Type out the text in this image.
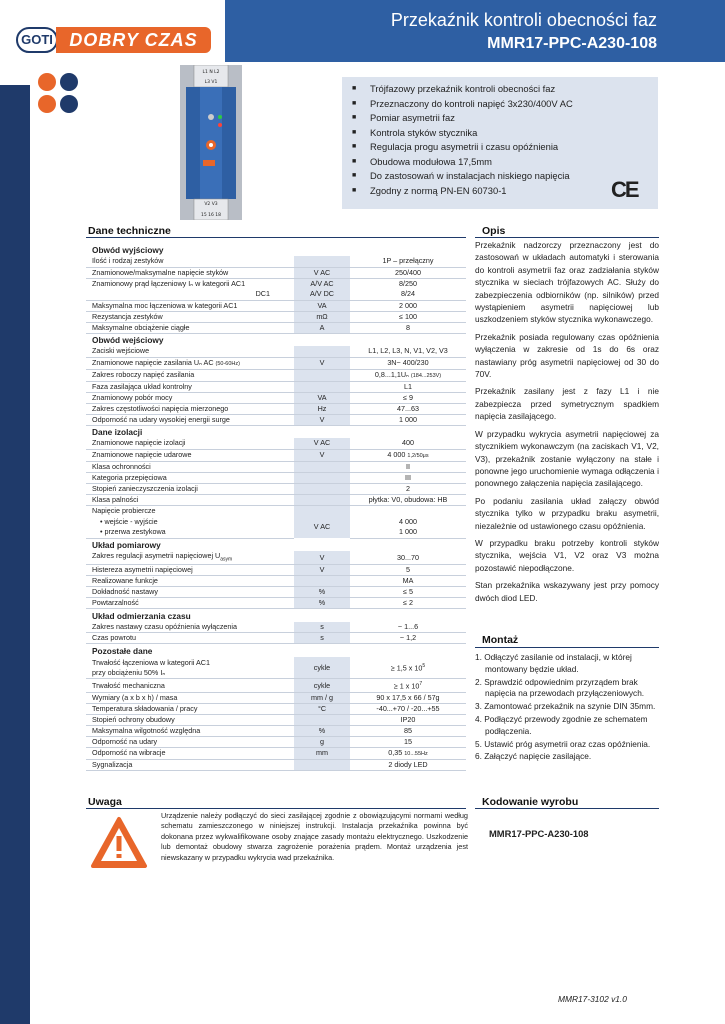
Przekaźnik kontroli obecności faz
MMR17-PPC-A230-108
GOTI DOBRY CZAS
L1 N L2
L3 V1
V2 V3
15 16 18
■ Trójfazowy przekaźnik kontroli obecności faz
■ Przeznaczony do kontroli napięć 3x230/400V AC
■ Pomiar asymetrii faz
■ Kontrola styków stycznika
■ Regulacja progu asymetrii i czasu opóźnienia
■ Obudowa modułowa 17,5mm
■ Do zastosowań w instalacjach niskiego napięcia
■ Zgodny z normą PN-EN 60730-1	CE
Dane techniczne	Opis
Obwód wyjściowy		
Ilość i rodzaj zestyków		1P – przełączny
Znamionowe/maksymalne napięcie styków	V AC	250/400
Znamionowy prąd łączeniowy Iₙ w kategorii AC1	A/V AC	8/250
DC1	A/V DC	8/24
Maksymalna moc łączeniowa w kategorii AC1	VA	2 000
Rezystancja zestyków	mΩ	≤ 100
Maksymalne obciążenie ciągłe	A	8
Obwód wejściowy		
Zaciski wejściowe		L1, L2, L3, N, V1, V2, V3
Znamionowe napięcie zasilania Uₙ AC (50-60Hz)	V	3N~ 400/230
Zakres roboczy napięć zasilania		0,8...1,1Uₙ (184...253V)
Faza zasilająca układ kontrolny		L1
Znamionowy pobór mocy	VA	≤ 9
Zakres częstotliwości napięcia mierzonego	Hz	47...63
Odporność na udary wysokiej energii surge	V	1 000
Dane izolacji		
Znamionowe napięcie izolacji	V AC	400
Znamionowe napięcie udarowe	V	4 000 1,2/50μs
Klasa ochronności		II
Kategoria przepięciowa		III
Stopień zanieczyszczenia izolacji		2
Klasa palności		płytka: V0, obudowa: HB
Napięcie probiercze		
• wejście - wyjście	V AC	4 000
• przerwa zestykowa		1 000
Układ pomiarowy		
Zakres regulacji asymetrii napięciowej $U_{asym}$	V	30...70
Histereza asymetrii napięciowej	V	5
Realizowane funkcje		MA
Dokładność nastawy	%	≤ 5
Powtarzalność	%	≤ 2
Układ odmierzania czasu		
Zakres nastawy czasu opóźnienia wyłączenia	s	~ 1...6
Czas powrotu	s	~ 1,2
Pozostałe dane		

Trwałość łączeniowa w kategorii AC1
przy obciążeniu 50% Iₙ	cykle	≥ 1,5 x $10^5$
Trwałość mechaniczna	cykle	≥ 1 x $10^7$
Wymiary (a x b x h) / masa	mm / g	90 x 17,5 x 66 / 57g
Temperatura składowania / pracy	°C	-40...+70 / -20...+55
Stopień ochrony obudowy		IP20
Maksymalna wilgotność względna	%	85
Odporność na udary	g	15
Odporność na wibracje	mm	0,35 10...55Hz
Sygnalizacja		2 diody LED

Przekaźnik nadzorczy przeznaczony jest do zastosowań w układach automatyki i sterowania do kontroli asymetrii faz oraz zadziałania styków stycznika w sieciach trójfazowych AC. Służy do zabezpieczenia odbiorników (np. silników) przed wystąpieniem asymetrii napięciowej lub uszkodzeniem styków stycznika wykonawczego.

Przekaźnik posiada regulowany czas opóźnienia wyłączenia w zakresie od 1s do 6s oraz nastawiany próg asymetrii napięciowej od 30 do 70V.

Przekaźnik zasilany jest z fazy L1 i nie zabezpiecza przed symetrycznym spadkiem napięcia zasilającego.

W przypadku wykrycia asymetrii napięciowej za stycznikiem wykonawczym (na zaciskach V1, V2, V3), przekaźnik zostanie wyłączony na stałe i ponowne jego uruchomienie wymaga odłączenia i ponownego załączenia napięcia zasilającego.

Po podaniu zasilania układ załączy obwód stycznika tylko w przypadku braku asymetrii, niezależnie od ustawionego czasu opóźnienia.

W przypadku braku potrzeby kontroli styków stycznika, wejścia V1, V2 oraz V3 można pozostawić niepodłączone.

Stan przekaźnika wskazywany jest przy pomocy dwóch diod LED.

Montaż
1. Odłączyć zasilanie od instalacji, w której montowany będzie układ.
2. Sprawdzić odpowiednim przyrządem brak napięcia na przewodach przyłączeniowych.
3. Zamontować przekaźnik na szynie DIN 35mm.
4. Podłączyć przewody zgodnie ze schematem podłączenia.
5. Ustawić próg asymetrii oraz czas opóźnienia.
6. Załączyć napięcie zasilające.
Uwaga
Urządzenie należy podłączyć do sieci zasilającej zgodnie z obowiązującymi normami według schematu zamieszczonego w niniejszej instrukcji. Instalacja przekaźnika powinna być dokonana przez wykwalifikowane osoby znające zasady montażu elektrycznego. Uszkodzenie lub demontaż obudowy stwarza zagrożenie porażenia prądem. Montaż urządzenia jest niewskazany w przypadku wykrycia wad przekaźnika.
Kodowanie wyrobu
MMR17-PPC-A230-108
MMR17-3102 v1.0
